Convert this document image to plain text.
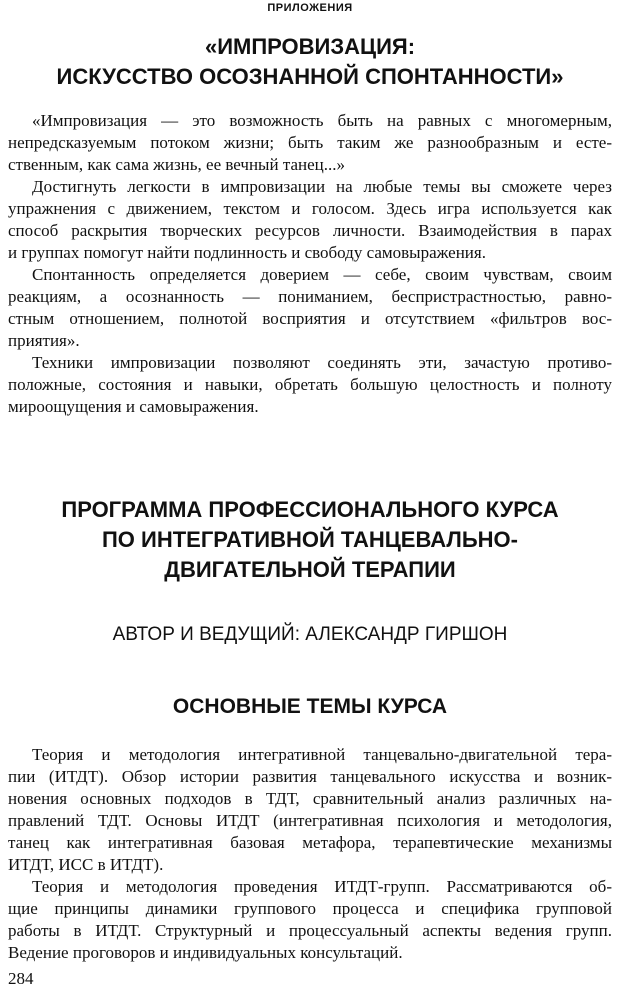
ПРИЛОЖЕНИЯ
«ИМПРОВИЗАЦИЯ:
ИСКУССТВО ОСОЗНАННОЙ СПОНТАННОСТИ»

«Импровизация — это возможность быть на равных с многомерным,
непредсказуемым потоком жизни; быть таким же разнообразным и есте-
ственным, как сама жизнь, ее вечный танец...»

Достигнуть легкости в импровизации на любые темы вы сможете через
упражнения с движением, текстом и голосом. Здесь игра используется как
способ раскрытия творческих ресурсов личности. Взаимодействия в парах
и группах помогут найти подлинность и свободу самовыражения.

Спонтанность определяется доверием — себе, своим чувствам, своим
реакциям, а осознанность — пониманием, беспристрастностью, равно-
стным отношением, полнотой восприятия и отсутствием «фильтров вос-
приятия».

Техники импровизации позволяют соединять эти, зачастую противо-
положные, состояния и навыки, обретать большую целостность и полноту
мироощущения и самовыражения.

ПРОГРАММА ПРОФЕССИОНАЛЬНОГО КУРСА
ПО ИНТЕГРАТИВНОЙ ТАНЦЕВАЛЬНО-
ДВИГАТЕЛЬНОЙ ТЕРАПИИ
АВТОР И ВЕДУЩИЙ: АЛЕКСАНДР ГИРШОН
ОСНОВНЫЕ ТЕМЫ КУРСА

Теория и методология интегративной танцевально-двигательной тера-
пии (ИТДТ). Обзор истории развития танцевального искусства и возник-
новения основных подходов в ТДТ, сравнительный анализ различных на-
правлений ТДТ. Основы ИТДТ (интегративная психология и методология,
танец как интегративная базовая метафора, терапевтические механизмы
ИТДТ, ИСС в ИТДТ).

Теория и методология проведения ИТДТ-групп. Рассматриваются об-
щие принципы динамики группового процесса и специфика групповой
работы в ИТДТ. Структурный и процессуальный аспекты ведения групп.
Ведение проговоров и индивидуальных консультаций.

284
